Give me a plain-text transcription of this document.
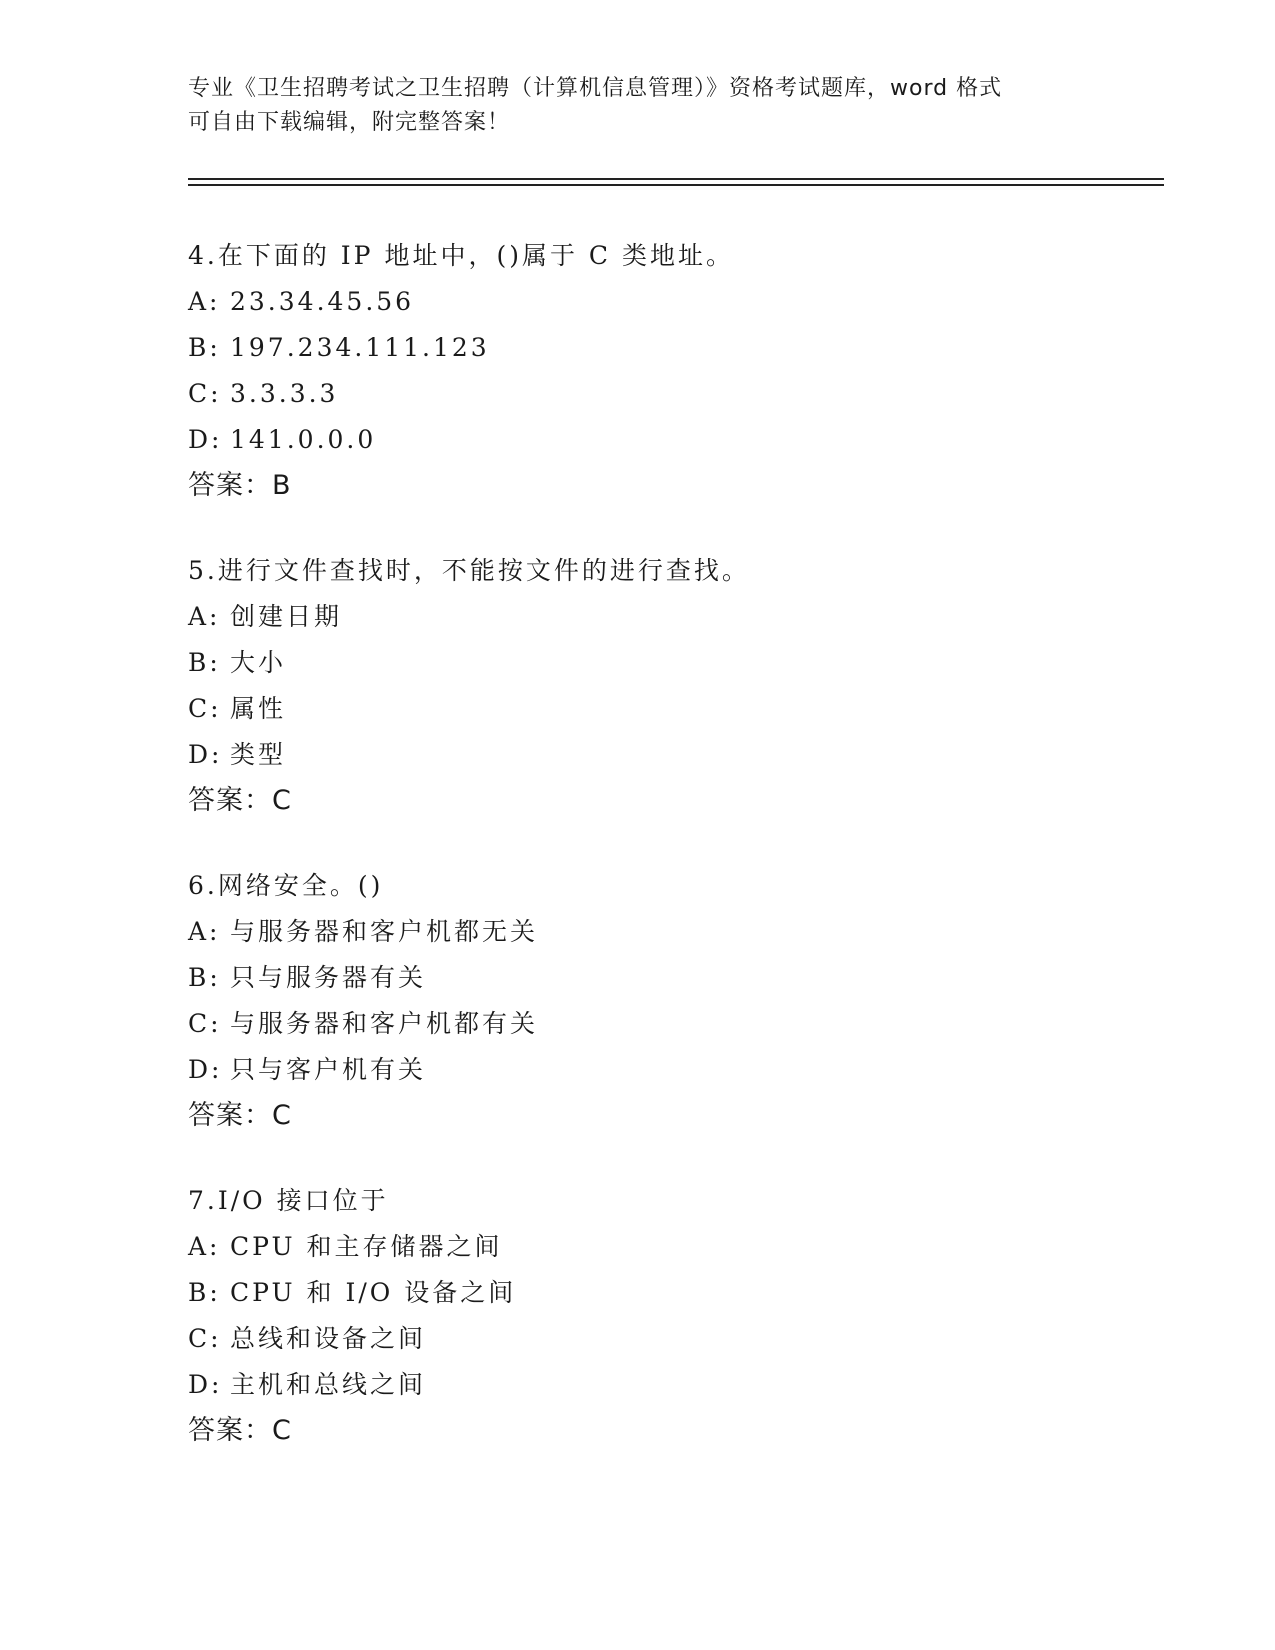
专业《卫生招聘考试之卫生招聘（计算机信息管理）》资格考试题库，word 格式
可自由下载编辑，附完整答案！
4.在下面的 IP 地址中，()属于 C 类地址。
A: 23.34.45.56
B: 197.234.111.123
C: 3.3.3.3
D: 141.0.0.0
答案：B
5.进行文件查找时，不能按文件的进行查找。
A: 创建日期
B: 大小
C: 属性
D: 类型
答案：C
6.网络安全。()
A: 与服务器和客户机都无关
B: 只与服务器有关
C: 与服务器和客户机都有关
D: 只与客户机有关
答案：C
7.I/O 接口位于
A: CPU 和主存储器之间
B: CPU 和 I/O 设备之间
C: 总线和设备之间
D: 主机和总线之间
答案：C
